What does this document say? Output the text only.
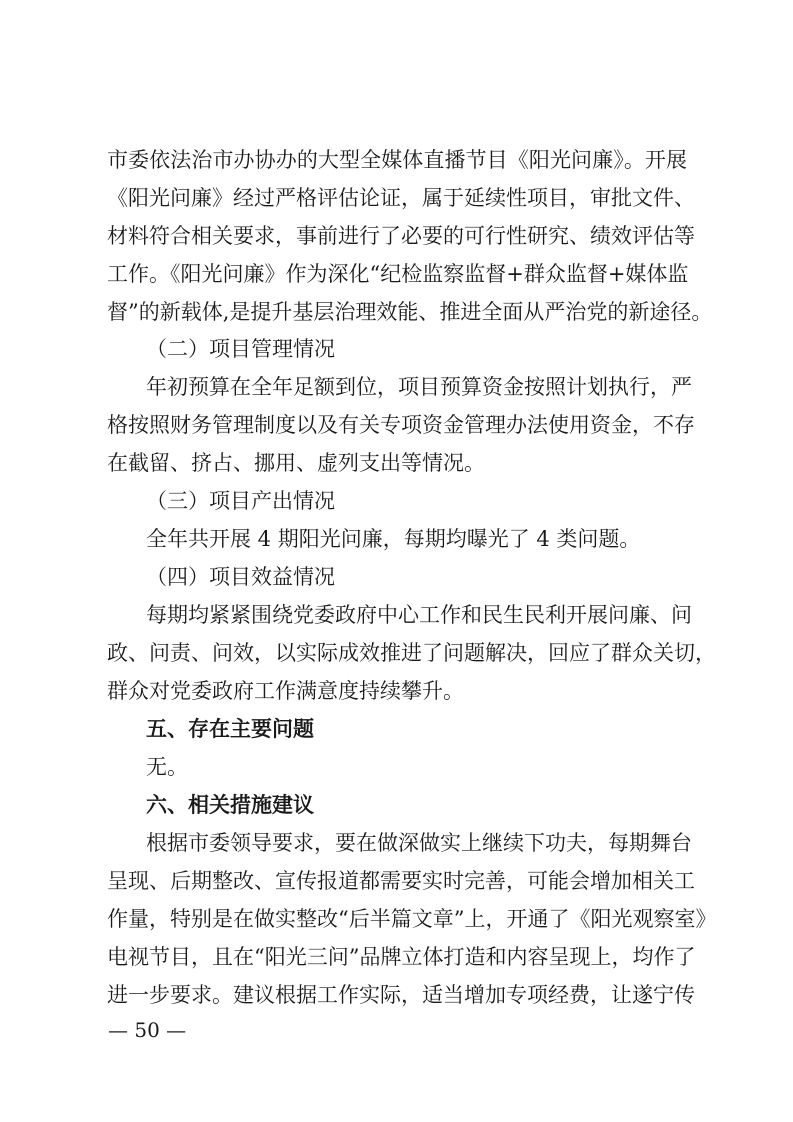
市委依法治市办协办的大型全媒体直播节目《阳光问廉》。开展
《阳光问廉》经过严格评估论证，属于延续性项目，审批文件、
材料符合相关要求，事前进行了必要的可行性研究、绩效评估等
工作。《阳光问廉》作为深化“纪检监察监督+群众监督+媒体监
督”的新载体,是提升基层治理效能、推进全面从严治党的新途径。
（二）项目管理情况
年初预算在全年足额到位，项目预算资金按照计划执行，严
格按照财务管理制度以及有关专项资金管理办法使用资金，不存
在截留、挤占、挪用、虚列支出等情况。
（三）项目产出情况
全年共开展 4 期阳光问廉，每期均曝光了 4 类问题。
（四）项目效益情况
每期均紧紧围绕党委政府中心工作和民生民利开展问廉、问
政、问责、问效，以实际成效推进了问题解决，回应了群众关切，
群众对党委政府工作满意度持续攀升。
五、存在主要问题
无。
六、相关措施建议
根据市委领导要求，要在做深做实上继续下功夫，每期舞台
呈现、后期整改、宣传报道都需要实时完善，可能会增加相关工
作量，特别是在做实整改“后半篇文章”上，开通了《阳光观察室》
电视节目，且在“阳光三问”品牌立体打造和内容呈现上，均作了
进一步要求。建议根据工作实际，适当增加专项经费，让遂宁传
— 50 —
